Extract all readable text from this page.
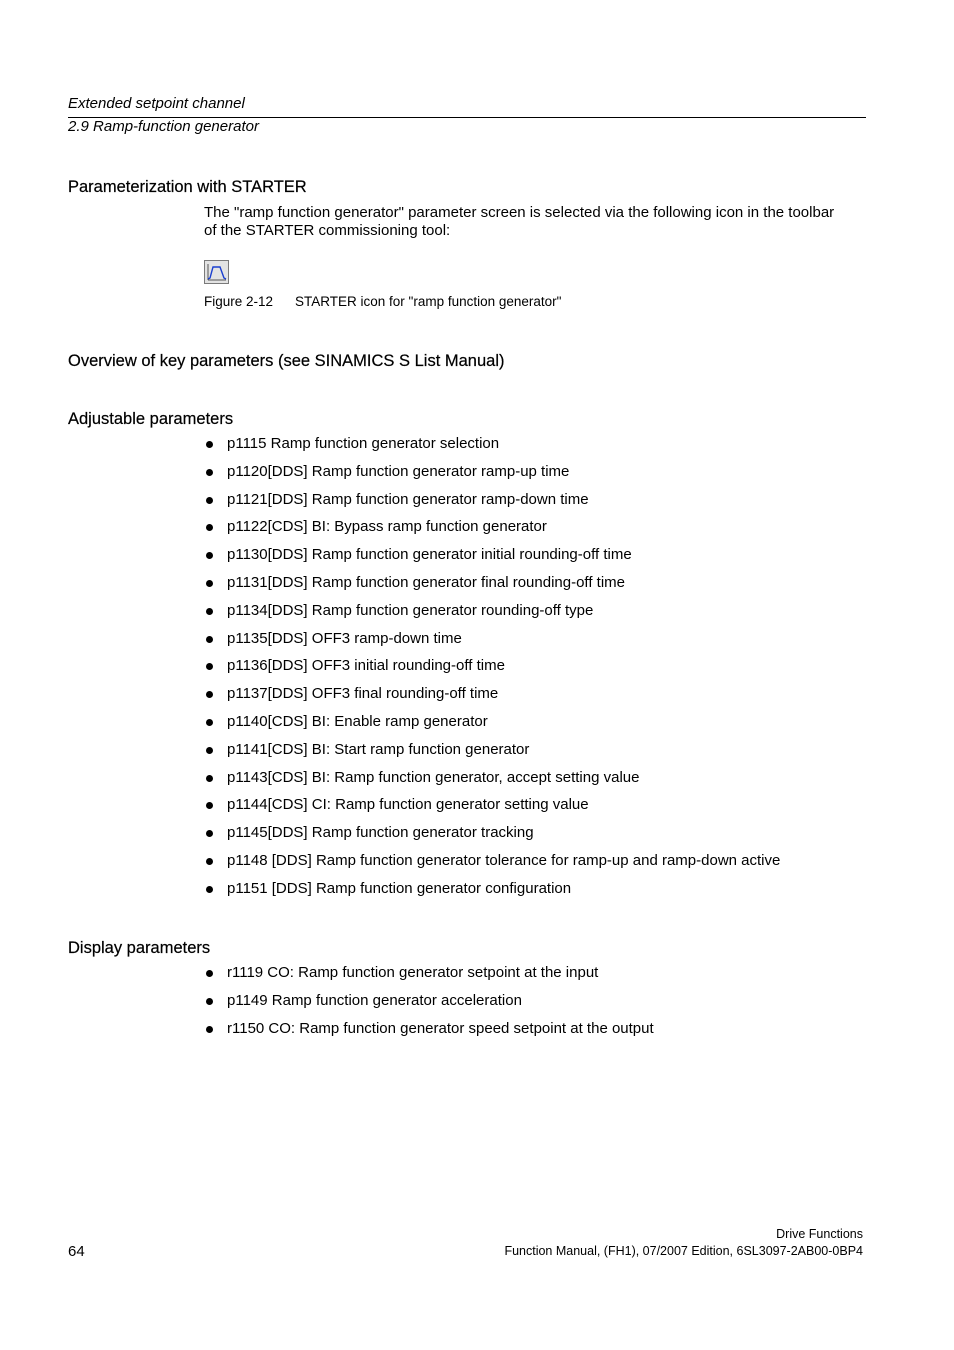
Extended setpoint channel
2.9 Ramp-function generator
Parameterization with STARTER
The "ramp function generator" parameter screen is selected via the following icon in the toolbar of the STARTER commissioning tool:
Figure 2-12 STARTER icon for "ramp function generator"
Overview of key parameters (see SINAMICS S List Manual)
Adjustable parameters
p1115 Ramp function generator selection
p1120[DDS] Ramp function generator ramp-up time
p1121[DDS] Ramp function generator ramp-down time
p1122[CDS] BI: Bypass ramp function generator
p1130[DDS] Ramp function generator initial rounding-off time
p1131[DDS] Ramp function generator final rounding-off time
p1134[DDS] Ramp function generator rounding-off type
p1135[DDS] OFF3 ramp-down time
p1136[DDS] OFF3 initial rounding-off time
p1137[DDS] OFF3 final rounding-off time
p1140[CDS] BI: Enable ramp generator
p1141[CDS] BI: Start ramp function generator
p1143[CDS] BI: Ramp function generator, accept setting value
p1144[CDS] CI: Ramp function generator setting value
p1145[DDS] Ramp function generator tracking
p1148 [DDS] Ramp function generator tolerance for ramp-up and ramp-down active
p1151 [DDS] Ramp function generator configuration
Display parameters
r1119 CO: Ramp function generator setpoint at the input
p1149 Ramp function generator acceleration
r1150 CO: Ramp function generator speed setpoint at the output
64
Drive Functions
Function Manual, (FH1), 07/2007 Edition, 6SL3097-2AB00-0BP4
